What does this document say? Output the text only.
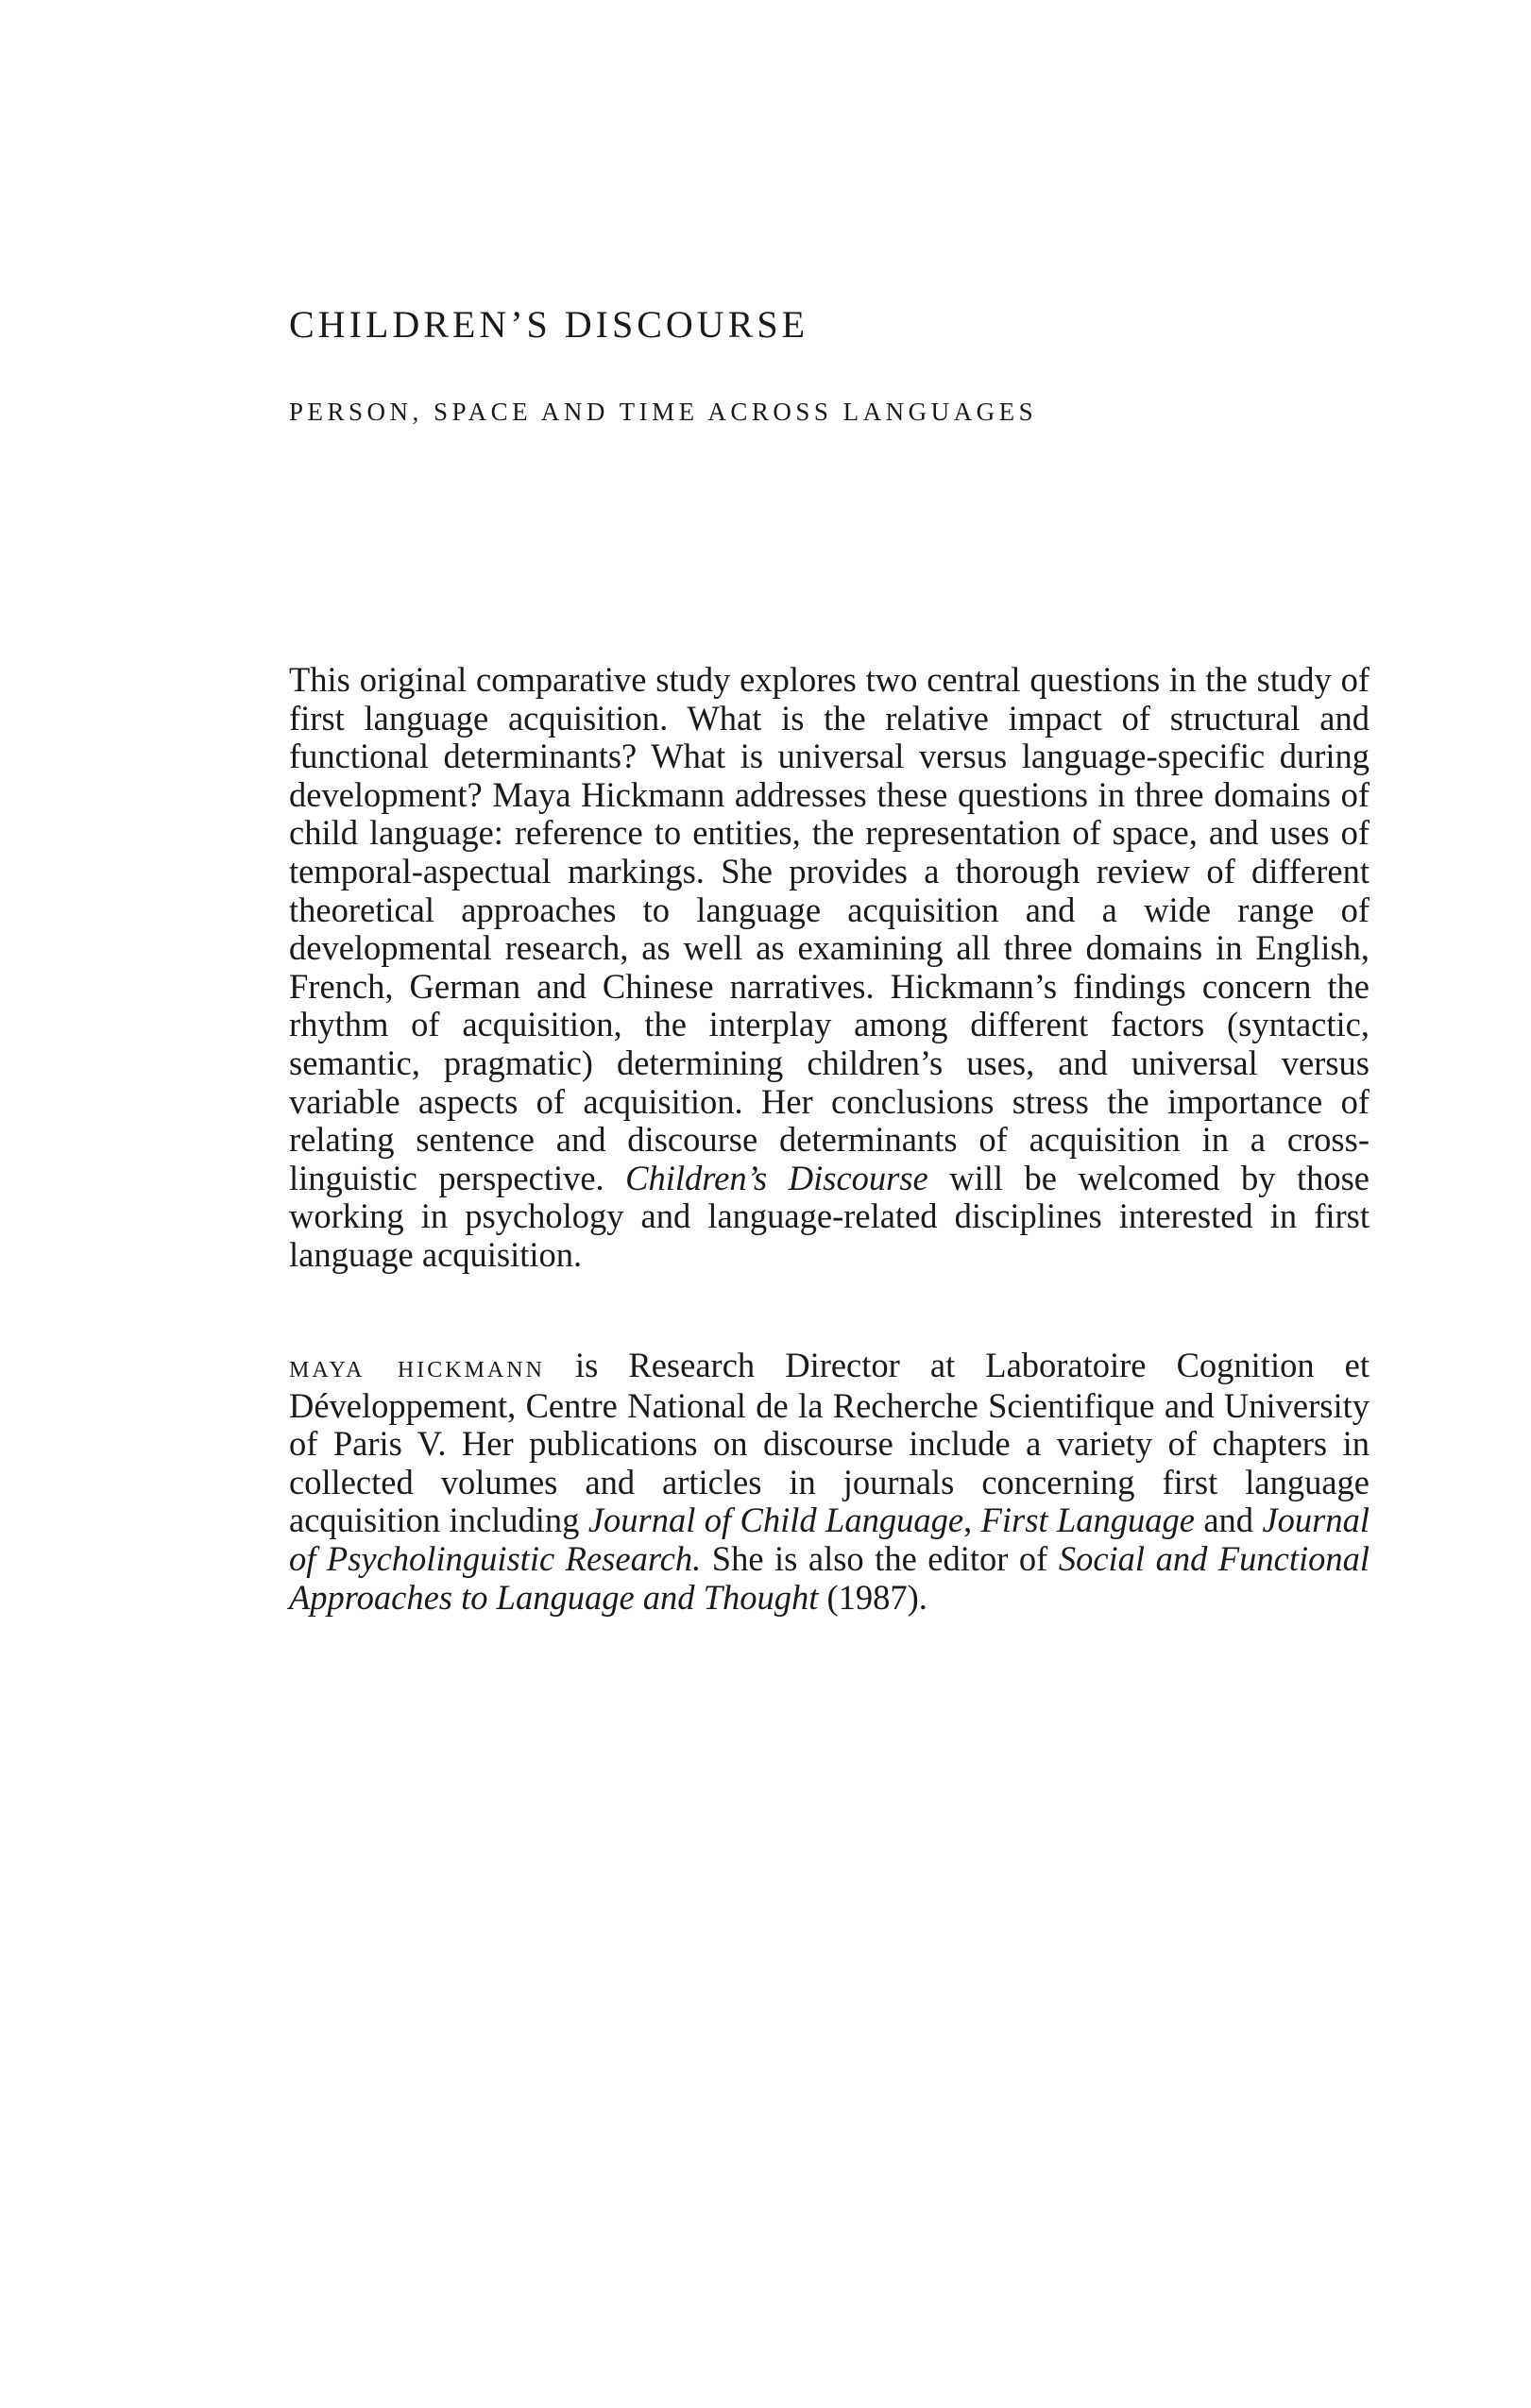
CHILDREN’S DISCOURSE
PERSON, SPACE AND TIME ACROSS LANGUAGES

This original comparative study explores two central questions in the study of first language acquisition. What is the relative impact of structural and functional determinants? What is universal versus language-specific during development? Maya Hickmann addresses these questions in three domains of child language: reference to entities, the representation of space, and uses of temporal-aspectual markings. She provides a thorough review of different theoretical approaches to language acquisition and a wide range of developmental research, as well as examining all three domains in English, French, German and Chinese narratives. Hickmann’s findings concern the rhythm of acquisition, the interplay among different factors (syntactic, semantic, pragmatic) determining children’s uses, and universal versus variable aspects of acquisition. Her conclusions stress the importance of relating sentence and discourse determinants of acquisition in a cross-linguistic perspective. Children’s Discourse will be welcomed by those working in psychology and language-related disciplines interested in first language acquisition.

maya hickmann is Research Director at Laboratoire Cognition et Développement, Centre National de la Recherche Scientifique and University of Paris V. Her publications on discourse include a variety of chapters in collected volumes and articles in journals concerning first language acquisition including Journal of Child Language, First Language and Journal of Psycholinguistic Research. She is also the editor of Social and Functional Approaches to Language and Thought (1987).
